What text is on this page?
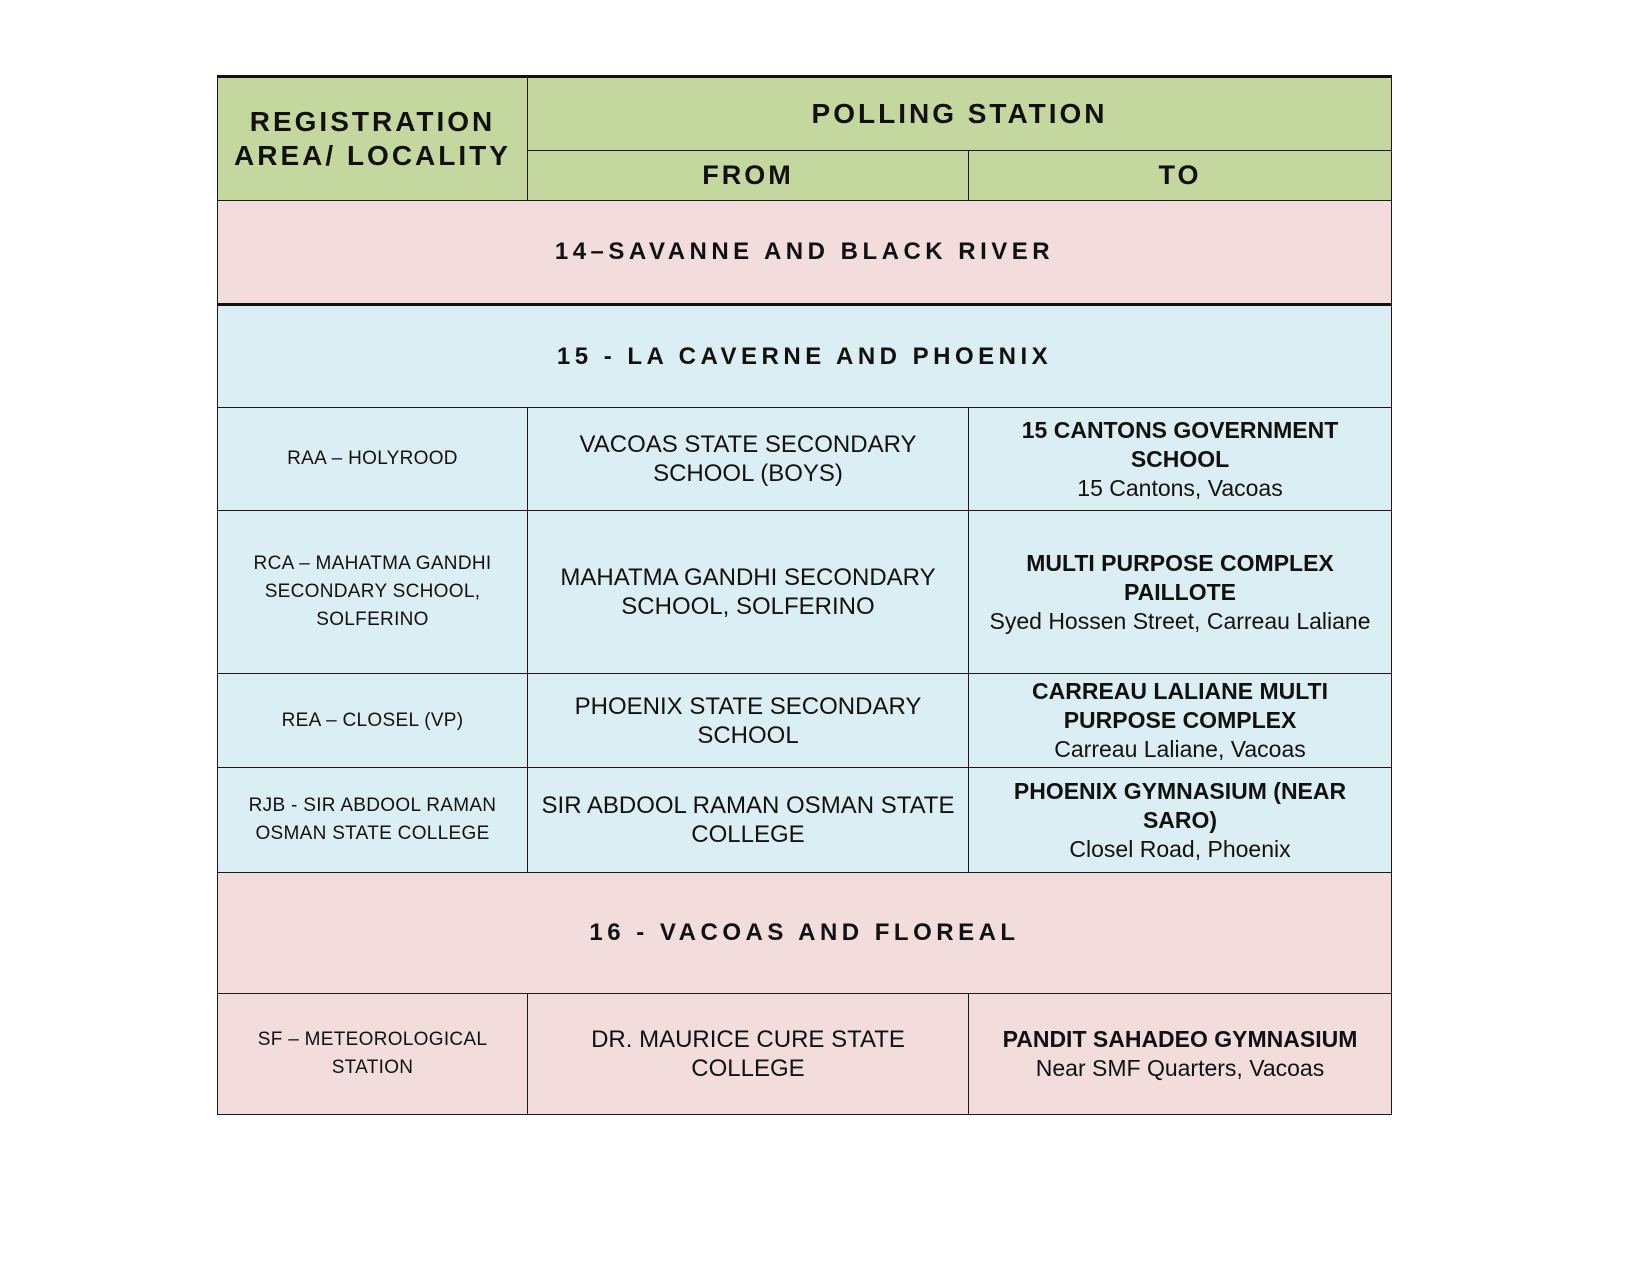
REGISTRATION AREA/ LOCALITY	POLLING STATION	
	FROM	TO
14–SAVANNE AND BLACK RIVER		
15 - LA CAVERNE AND PHOENIX		
RAA – HOLYROOD	VACOAS STATE SECONDARY SCHOOL (BOYS)	15 CANTONS GOVERNMENT SCHOOL
15 Cantons, Vacoas

RCA – MAHATMA GANDHI SECONDARY SCHOOL, SOLFERINO	MAHATMA GANDHI SECONDARY SCHOOL, SOLFERINO	MULTI PURPOSE COMPLEX PAILLOTE
Syed Hossen Street, Carreau Laliane

REA – CLOSEL (VP)	PHOENIX STATE SECONDARY SCHOOL	CARREAU LALIANE MULTI PURPOSE COMPLEX
Carreau Laliane, Vacoas

RJB - SIR ABDOOL RAMAN OSMAN STATE COLLEGE	SIR ABDOOL RAMAN OSMAN STATE COLLEGE	PHOENIX GYMNASIUM (NEAR SARO)
Closel Road, Phoenix

16 - VACOAS AND FLOREAL		
SF – METEOROLOGICAL STATION	DR. MAURICE CURE STATE COLLEGE	PANDIT SAHADEO GYMNASIUM
Near SMF Quarters, Vacoas
